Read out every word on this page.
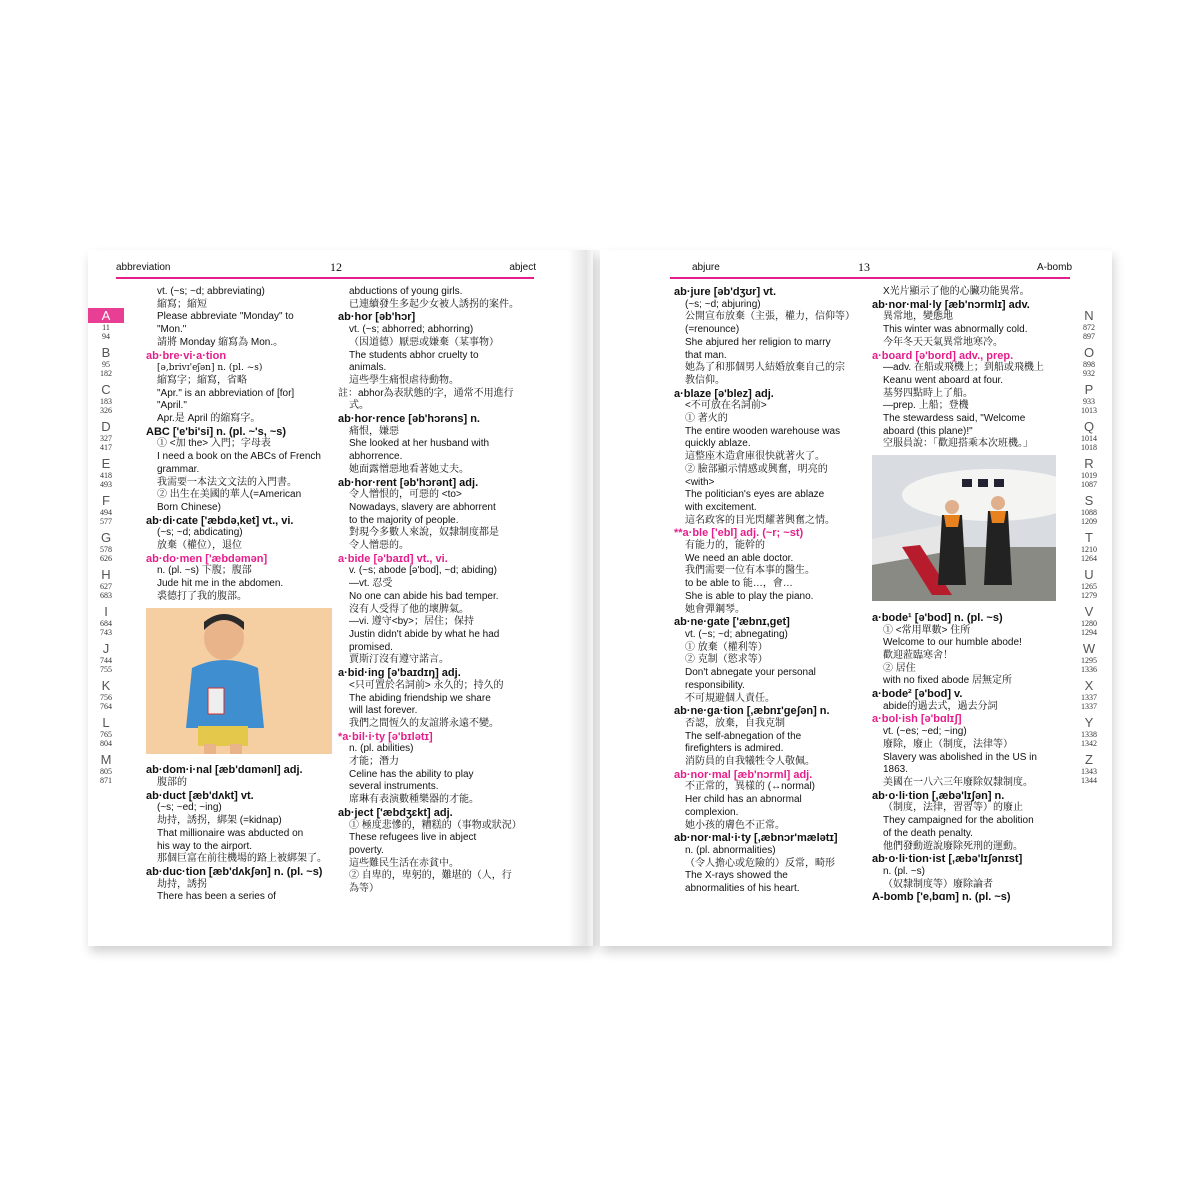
abbreviation	12	abject
A
11
94
B
95
182
C
183
326
D
327
417
E
418
493
F
494
577
G
578
626
H
627
683
I
684
743
J
744
755
K
756
764
L
765
804
M
805
871
vt. (~s; ~d; abbreviating)
縮寫；縮短
Please abbreviate "Monday" to
"Mon."
請將 Monday 縮寫為 Mon.。
ab·bre·vi·a·tion
[ə,brivɪ'eʃən] n. (pl. ~s)
縮寫字；縮寫，省略
"Apr." is an abbreviation of [for]
"April."
Apr.是 April 的縮寫字。
ABC ['e'bi'si] n. (pl. ~'s, ~s)
① <加 the> 入門；字母表
I need a book on the ABCs of French
grammar.
我需要一本法文文法的入門書。
② 出生在美國的華人(=American
Born Chinese)
ab·di·cate ['æbdə,ket] vt., vi.
(~s; ~d; abdicating)
放棄（權位），退位
ab·do·men ['æbdəmən]
n. (pl. ~s) 下腹；腹部
Jude hit me in the abdomen.
裘德打了我的腹部。
ab·dom·i·nal [æb'dɑmənl] adj.
腹部的
ab·duct [æb'dʌkt] vt.
(~s; ~ed; ~ing)
劫持，誘拐，綁架 (=kidnap)
That millionaire was abducted on
his way to the airport.
那個巨富在前往機場的路上被綁架了。
ab·duc·tion [æb'dʌkʃən] n. (pl. ~s)
劫持，誘拐
There has been a series of
abductions of young girls.
已連續發生多起少女被人誘拐的案件。
ab·hor [əb'hɔr]
vt. (~s; abhorred; abhorring)
（因道德）厭惡或嫌棄（某事物）
The students abhor cruelty to
animals.
這些學生痛恨虐待動物。
註：abhor為表狀態的字，通常不用進行
式。
ab·hor·rence [əb'hɔrəns] n.
痛恨，嫌惡
She looked at her husband with
abhorrence.
她面露憎惡地看著她丈夫。
ab·hor·rent [əb'hɔrənt] adj.
令人憎恨的，可惡的 <to>
Nowadays, slavery are abhorrent
to the majority of people.
對現今多數人來說，奴隸制度都是
令人憎惡的。
a·bide [ə'baɪd] vt., vi.
v. (~s; abode [ə'bod], ~d; abiding)
—vt. 忍受
No one can abide his bad temper.
沒有人受得了他的壞脾氣。
—vi. 遵守<by>；居住；保持
Justin didn't abide by what he had
promised.
賈斯汀沒有遵守諾言。
a·bid·ing [ə'baɪdɪŋ] adj.
<只可置於名詞前> 永久的；持久的
The abiding friendship we share
will last forever.
我們之間恆久的友誼將永遠不變。
*a·bil·i·ty [ə'bɪlətɪ]
n. (pl. abilities)
才能；潛力
Celine has the ability to play
several instruments.
席琳有表演數種樂器的才能。
ab·ject ['æbdʒɛkt] adj.
① 極度悲慘的，糟糕的（事物或狀況）
These refugees live in abject
poverty.
這些難民生活在赤貧中。
② 自卑的，卑躬的，難堪的（人，行
為等）
abjure	13	A-bomb
ab·jure [əb'dʒʊr] vt.
(~s; ~d; abjuring)
公開宣布放棄（主張，權力，信仰等）
(=renounce)
She abjured her religion to marry
that man.
她為了和那個男人結婚放棄自己的宗
教信仰。
a·blaze [ə'blez] adj.
<不可放在名詞前>
① 著火的
The entire wooden warehouse was
quickly ablaze.
這整座木造倉庫很快就著火了。
② 臉部顯示情感或興奮，明亮的
<with>
The politician's eyes are ablaze
with excitement.
這名政客的目光閃耀著興奮之情。
**a·ble ['ebl] adj. (~r; ~st)
有能力的，能幹的
We need an able doctor.
我們需要一位有本事的醫生。
to be able to 能…，會…
She is able to play the piano.
她會彈鋼琴。
ab·ne·gate ['æbnɪ,get]
vt. (~s; ~d; abnegating)
① 放棄（權利等）
② 克制（慾求等）
Don't abnegate your personal
responsibility.
不可規避個人責任。
ab·ne·ga·tion [,æbnɪ'geʃən] n.
否認，放棄，自我克制
The self-abnegation of the
firefighters is admired.
消防員的自我犧牲令人敬佩。
ab·nor·mal [æb'nɔrml] adj.
不正常的，異樣的 (↔normal)
Her child has an abnormal
complexion.
她小孩的膚色不正常。
ab·nor·mal·i·ty [,æbnɔr'mælətɪ]
n. (pl. abnormalities)
（令人擔心或危險的）反常，畸形
The X-rays showed the
abnormalities of his heart.
X光片顯示了他的心臟功能異常。
ab·nor·mal·ly [æb'nɔrmlɪ] adv.
異常地，變態地
This winter was abnormally cold.
今年冬天天氣異常地寒冷。
a·board [ə'bord] adv., prep.
—adv. 在船或飛機上；到船或飛機上
Keanu went aboard at four.
基努四點時上了船。
—prep. 上船；登機
The stewardess said, "Welcome
aboard (this plane)!"
空服員說：「歡迎搭乘本次班機。」
a·bode¹ [ə'bod] n. (pl. ~s)
① <常用單數> 住所
Welcome to our humble abode!
歡迎蒞臨寒舍！
② 居住
with no fixed abode 居無定所
a·bode² [ə'bod] v.
abide的過去式，過去分詞
a·bol·ish [ə'bɑlɪʃ]
vt. (~es; ~ed; ~ing)
廢除，廢止（制度，法律等）
Slavery was abolished in the US in
1863.
美國在一八六三年廢除奴隸制度。
ab·o·li·tion [,æbə'lɪʃən] n.
（制度，法律，習習等）的廢止
They campaigned for the abolition
of the death penalty.
他們發動遊說廢除死刑的運動。
ab·o·li·tion·ist [,æbə'lɪʃənɪst]
n. (pl. ~s)
（奴隸制度等）廢除論者
A-bomb ['e,bɑm] n. (pl. ~s)
N
872
897
O
898
932
P
933
1013
Q
1014
1018
R
1019
1087
S
1088
1209
T
1210
1264
U
1265
1279
V
1280
1294
W
1295
1336
X
1337
1337
Y
1338
1342
Z
1343
1344
